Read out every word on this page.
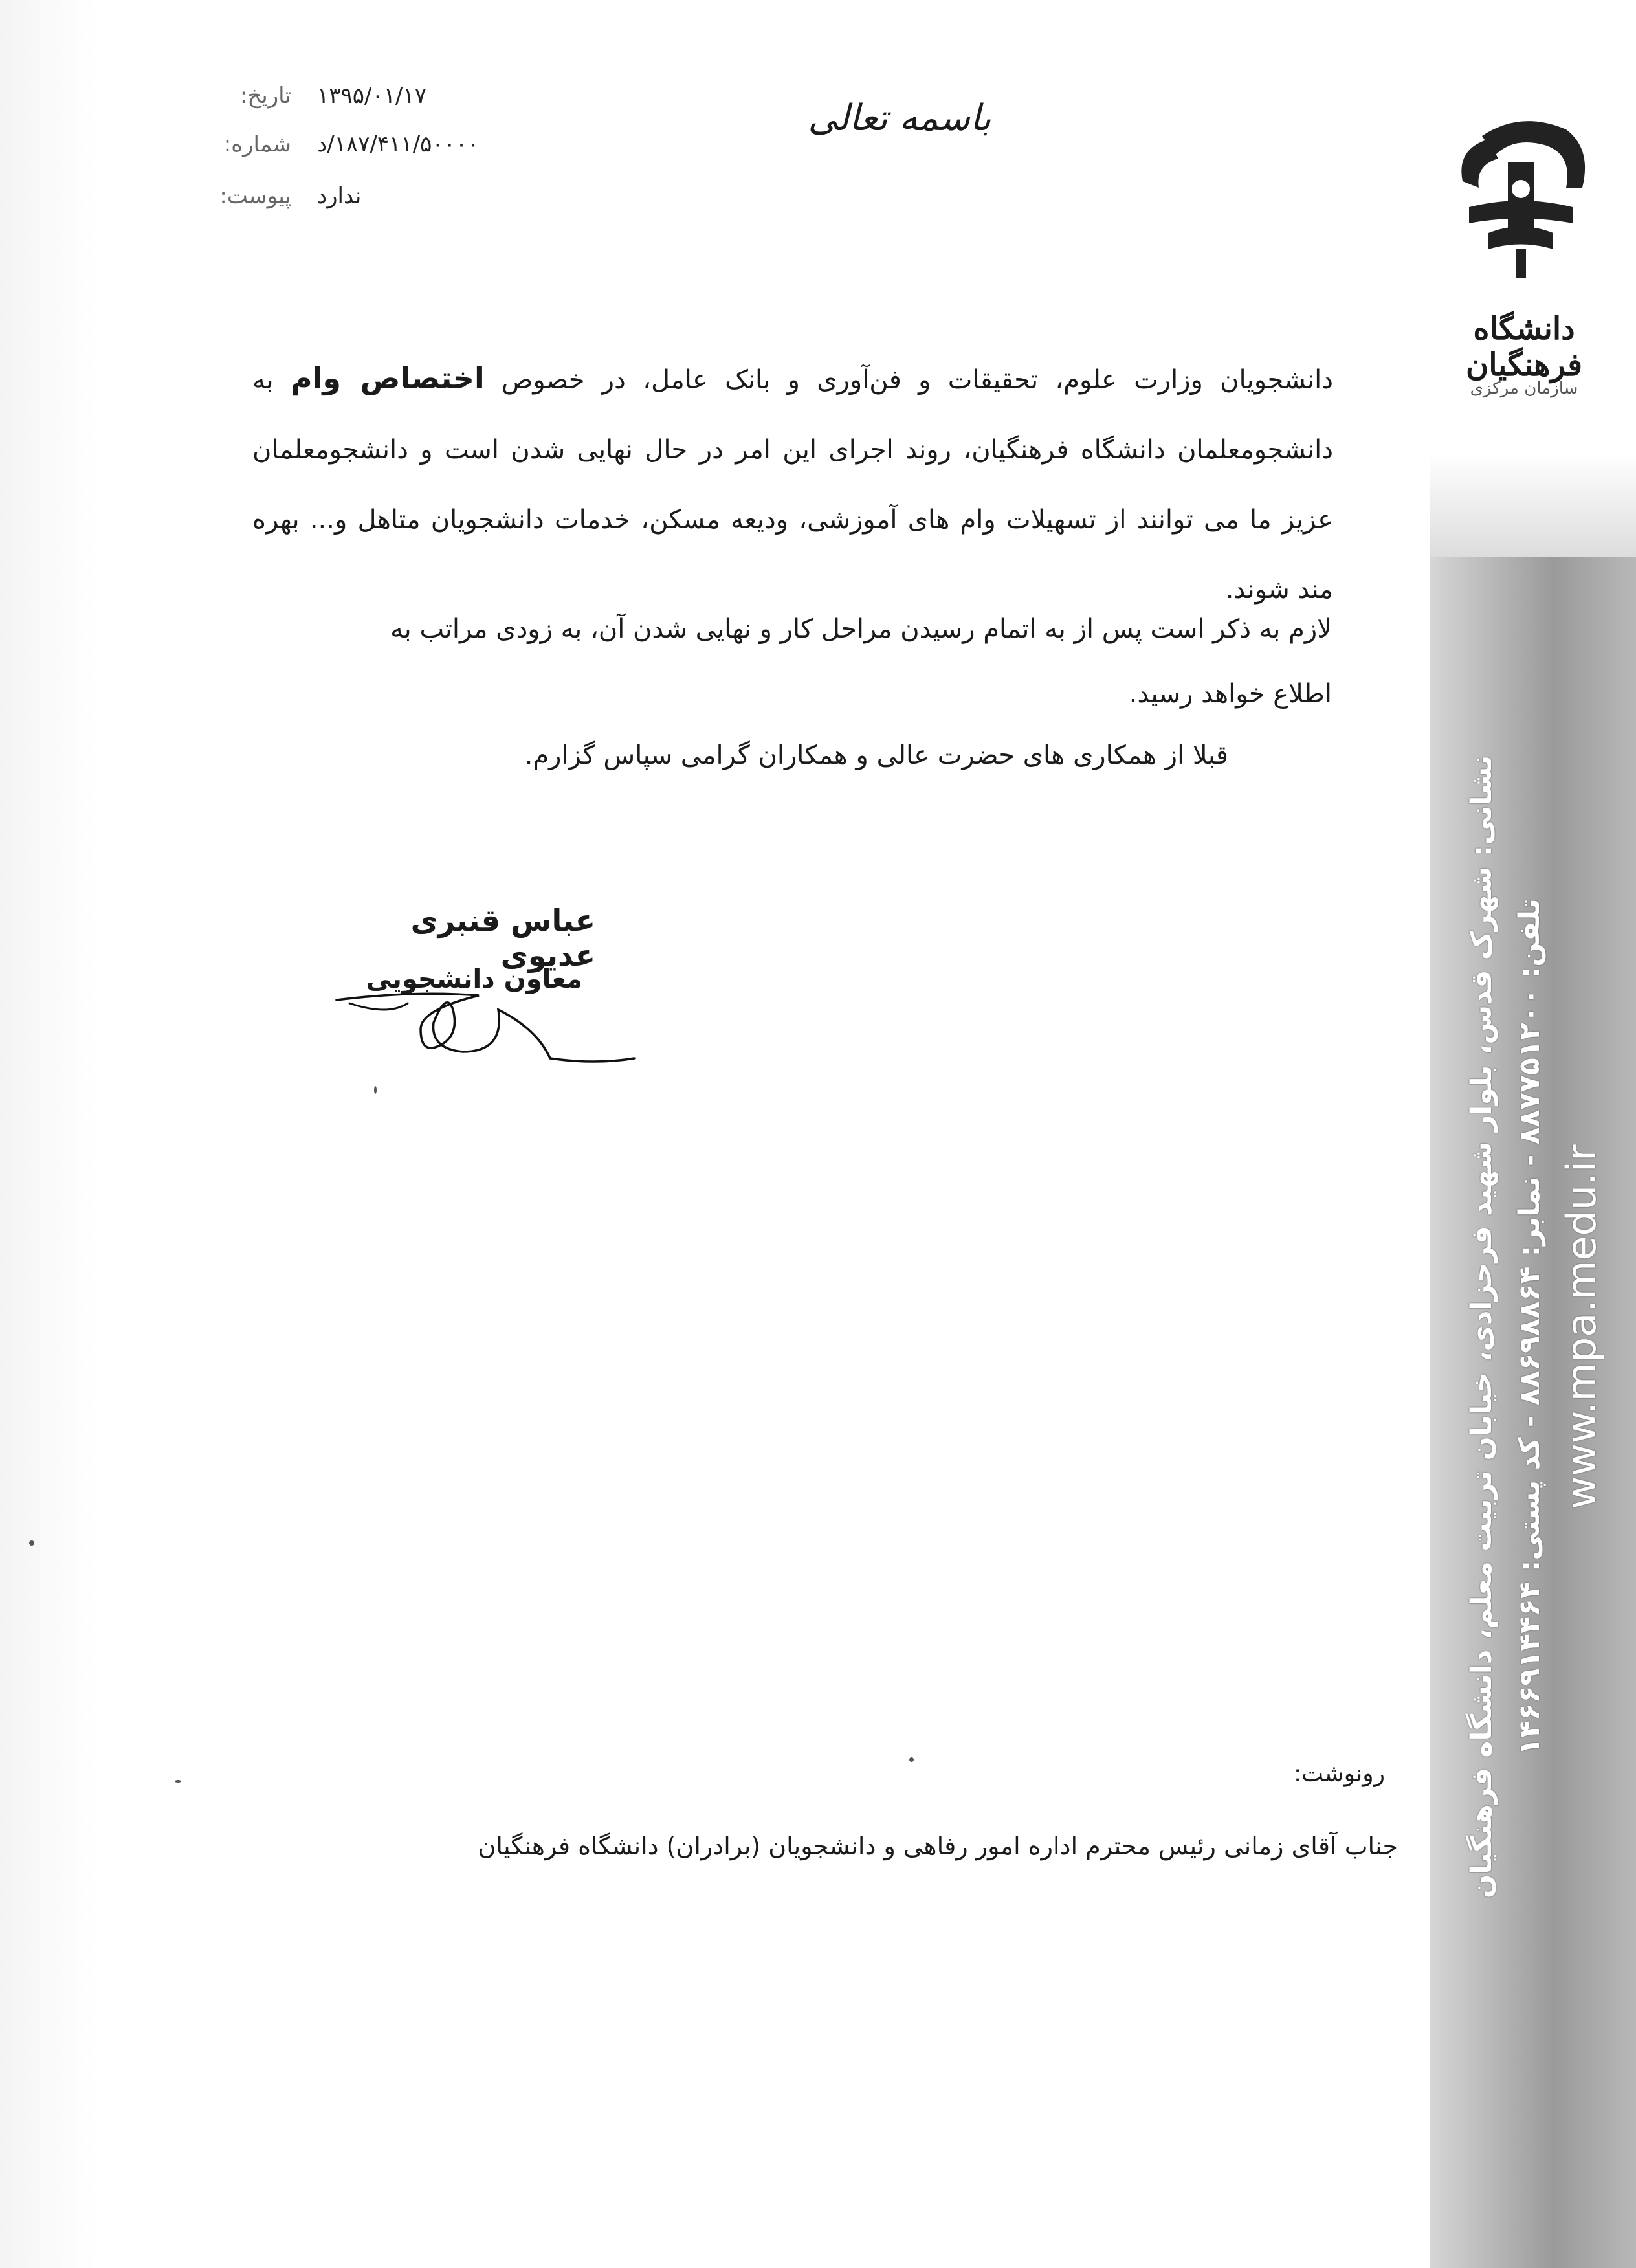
نشانی: شهرک قدس، بلوار شهید فرحزادی، خیابان تربیت معلم، دانشگاه فرهنگیان تلفن: ۸۸۷۷۵۱۲۰۰ - نمابر: ۸۸۶۹۸۸۶۴ - کد پستی: ۱۴۶۶۹۱۴۴۶۴
www.mpa.medu.ir
دانشگاه فرهنگیان
سازمان مرکزی
باسمه تعالی
تاریخ: ۱۳۹۵/۰۱/۱۷
شماره: ۱۸۷/۴۱۱/۵۰۰۰۰/د
پیوست: ندارد
دانشجویان وزارت علوم، تحقیقات و فن‌آوری و بانک عامل، در خصوص اختصاص وام به دانشجومعلمان دانشگاه فرهنگیان، روند اجرای این امر در حال نهایی شدن است و دانشجومعلمان عزیز ما می توانند از تسهیلات وام های آموزشی، ودیعه مسکن، خدمات دانشجویان متاهل و... بهره مند شوند.
لازم به ذکر است پس از به اتمام رسیدن مراحل کار و نهایی شدن آن، به زودی مراتب به
اطلاع خواهد رسید.
قبلا از همکاری های حضرت عالی و همکاران گرامی سپاس گزارم.
عباس قنبری عدیوی
معاون دانشجویی
رونوشت:
جناب آقای زمانی رئیس محترم اداره امور رفاهی و دانشجویان (برادران) دانشگاه فرهنگیان
